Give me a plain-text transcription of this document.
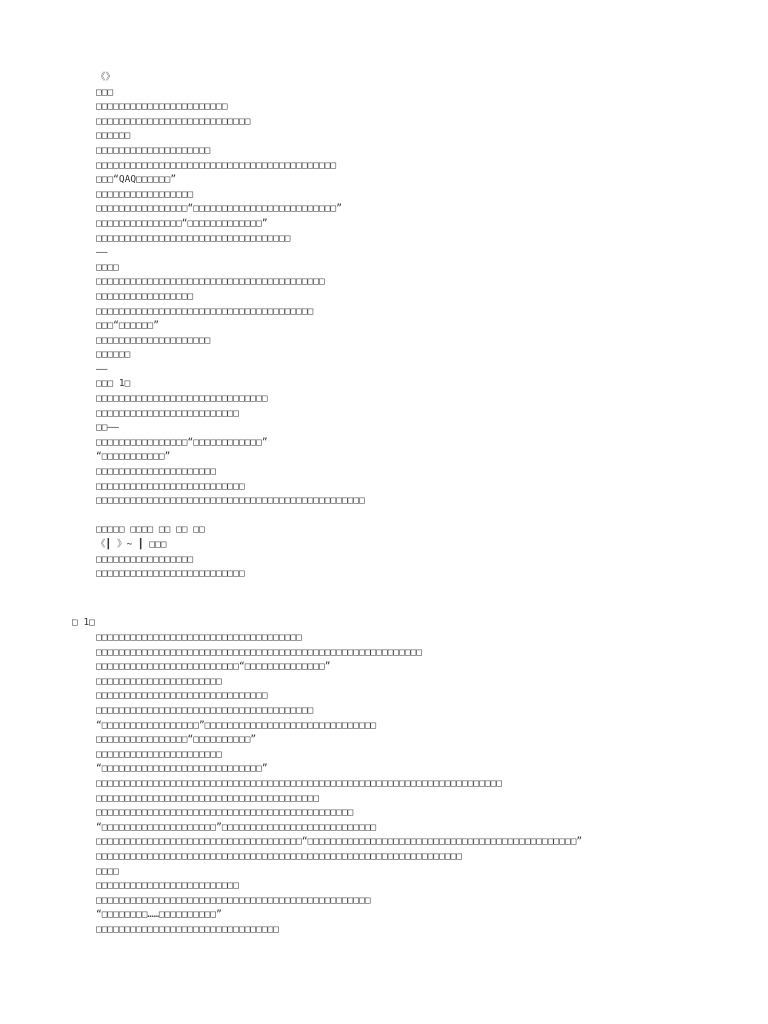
《》
□□□
□□□□□□□□□□□□□□□□□□□□□□□
□□□□□□□□□□□□□□□□□□□□□□□□□□□
□□□□□□
□□□□□□□□□□□□□□□□□□□□
□□□□□□□□□□□□□□□□□□□□□□□□□□□□□□□□□□□□□□□□□□
□□□“QAQ□□□□□□”
□□□□□□□□□□□□□□□□□
□□□□□□□□□□□□□□□□“□□□□□□□□□□□□□□□□□□□□□□□□□”
□□□□□□□□□□□□□□□“□□□□□□□□□□□□□”
□□□□□□□□□□□□□□□□□□□□□□□□□□□□□□□□□□
——
□□□□
□□□□□□□□□□□□□□□□□□□□□□□□□□□□□□□□□□□□□□□□
□□□□□□□□□□□□□□□□□
□□□□□□□□□□□□□□□□□□□□□□□□□□□□□□□□□□□□□□
□□□“□□□□□□”
□□□□□□□□□□□□□□□□□□□□
□□□□□□
——
□□□ 1□
□□□□□□□□□□□□□□□□□□□□□□□□□□□□□□
□□□□□□□□□□□□□□□□□□□□□□□□□
□□——
□□□□□□□□□□□□□□□□“□□□□□□□□□□□□”
“□□□□□□□□□□□”
□□□□□□□□□□□□□□□□□□□□□
□□□□□□□□□□□□□□□□□□□□□□□□□□
□□□□□□□□□□□□□□□□□□□□□□□□□□□□□□□□□□□□□□□□□□□□□□□
□□□□□ □□□□ □□ □□ □□
《┃ 》~ ┃ □□□
□□□□□□□□□□□□□□□□□
□□□□□□□□□□□□□□□□□□□□□□□□□□
□ 1□
□□□□□□□□□□□□□□□□□□□□□□□□□□□□□□□□□□□□
□□□□□□□□□□□□□□□□□□□□□□□□□□□□□□□□□□□□□□□□□□□□□□□□□□□□□□□□□
□□□□□□□□□□□□□□□□□□□□□□□□□“□□□□□□□□□□□□□□”
□□□□□□□□□□□□□□□□□□□□□□
□□□□□□□□□□□□□□□□□□□□□□□□□□□□□□
□□□□□□□□□□□□□□□□□□□□□□□□□□□□□□□□□□□□□□
“□□□□□□□□□□□□□□□□□”□□□□□□□□□□□□□□□□□□□□□□□□□□□□□□
□□□□□□□□□□□□□□□□“□□□□□□□□□□”
□□□□□□□□□□□□□□□□□□□□□□
“□□□□□□□□□□□□□□□□□□□□□□□□□□□□”
□□□□□□□□□□□□□□□□□□□□□□□□□□□□□□□□□□□□□□□□□□□□□□□□□□□□□□□□□□□□□□□□□□□□□□□
□□□□□□□□□□□□□□□□□□□□□□□□□□□□□□□□□□□□□□□
□□□□□□□□□□□□□□□□□□□□□□□□□□□□□□□□□□□□□□□□□□□□□
“□□□□□□□□□□□□□□□□□□□□”□□□□□□□□□□□□□□□□□□□□□□□□□□□
□□□□□□□□□□□□□□□□□□□□□□□□□□□□□□□□□□□□“□□□□□□□□□□□□□□□□□□□□□□□□□□□□□□□□□□□□□□□□□□□□□□□”
□□□□□□□□□□□□□□□□□□□□□□□□□□□□□□□□□□□□□□□□□□□□□□□□□□□□□□□□□□□□□□□□
□□□□
□□□□□□□□□□□□□□□□□□□□□□□□□
□□□□□□□□□□□□□□□□□□□□□□□□□□□□□□□□□□□□□□□□□□□□□□□□
“□□□□□□□□……□□□□□□□□□□”
□□□□□□□□□□□□□□□□□□□□□□□□□□□□□□□□
